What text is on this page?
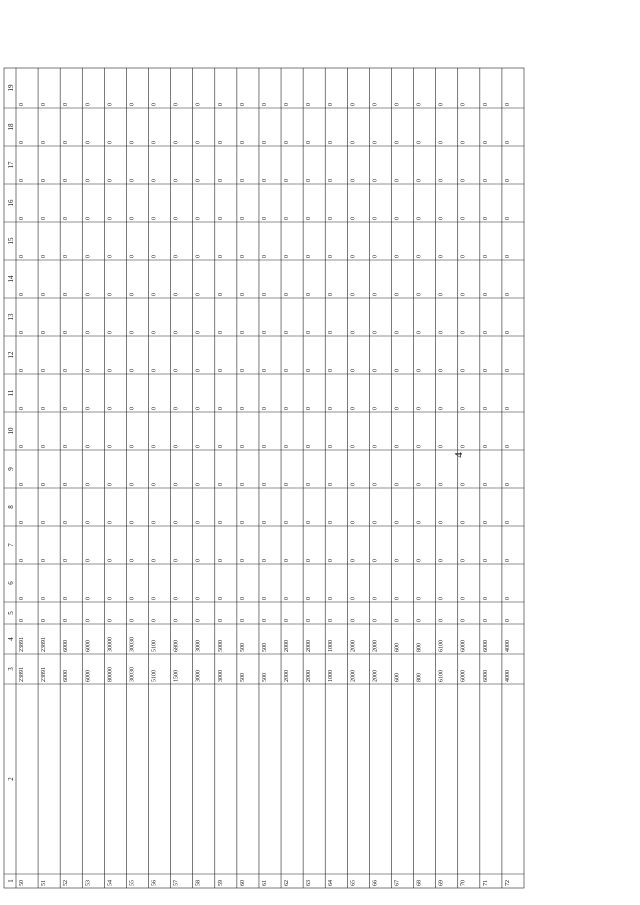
4
1
2
3
4
5
6
7
8
9
10
11
12
13
14
15
16
17
18
19
50
23891
23891
0
0
0
0
0
0
0
0
0
0
0
0
0
0
0
51
23891
23891
0
0
0
0
0
0
0
0
0
0
0
0
0
0
0
52
6000
6000
0
0
0
0
0
0
0
0
0
0
0
0
0
0
0
53
6000
6000
0
0
0
0
0
0
0
0
0
0
0
0
0
0
0
54
80000
30000
0
0
0
0
0
0
0
0
0
0
0
0
0
0
0
55
30030
30030
0
0
0
0
0
0
0
0
0
0
0
0
0
0
0
56
5100
5100
0
0
0
0
0
0
0
0
0
0
0
0
0
0
0
57
1500
6800
0
0
0
0
0
0
0
0
0
0
0
0
0
0
0
58
3000
3000
0
0
0
0
0
0
0
0
0
0
0
0
0
0
0
59
3000
5000
0
0
0
0
0
0
0
0
0
0
0
0
0
0
0
60
500
500
0
0
0
0
0
0
0
0
0
0
0
0
0
0
0
61
500
500
0
0
0
0
0
0
0
0
0
0
0
0
0
0
0
62
2000
2000
0
0
0
0
0
0
0
0
0
0
0
0
0
0
0
63
2000
2000
0
0
0
0
0
0
0
0
0
0
0
0
0
0
0
64
1000
1000
0
0
0
0
0
0
0
0
0
0
0
0
0
0
0
65
2000
2000
0
0
0
0
0
0
0
0
0
0
0
0
0
0
0
66
2000
2000
0
0
0
0
0
0
0
0
0
0
0
0
0
0
0
67
600
600
0
0
0
0
0
0
0
0
0
0
0
0
0
0
0
68
800
800
0
0
0
0
0
0
0
0
0
0
0
0
0
0
0
69
6100
6100
0
0
0
0
0
0
0
0
0
0
0
0
0
0
0
70
6000
6000
0
0
0
0
0
0
0
0
0
0
0
0
0
0
0
71
6000
6000
0
0
0
0
0
0
0
0
0
0
0
0
0
0
0
72
4000
4000
0
0
0
0
0
0
0
0
0
0
0
0
0
0
0
